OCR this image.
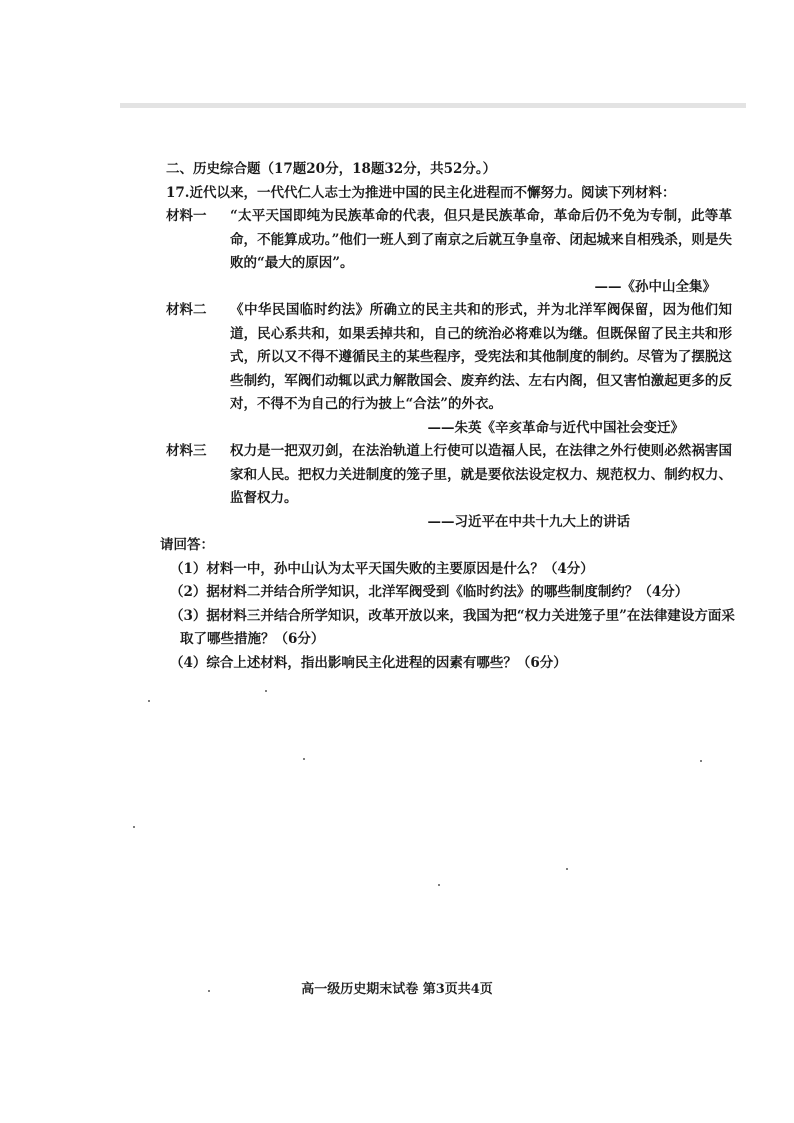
二、历史综合题（17题20分，18题32分，共52分。）
17.近代以来，一代代仁人志士为推进中国的民主化进程而不懈努力。阅读下列材料：
材料一	“太平天国即纯为民族革命的代表，但只是民族革命，革命后仍不免为专制，此等革命，不能算成功。”他们一班人到了南京之后就互争皇帝、闭起城来自相残杀，则是失败的“最大的原因”。
——《孙中山全集》
材料二	《中华民国临时约法》所确立的民主共和的形式，并为北洋军阀保留，因为他们知道，民心系共和，如果丢掉共和，自己的统治必将难以为继。但既保留了民主共和形式，所以又不得不遵循民主的某些程序，受宪法和其他制度的制约。尽管为了摆脱这些制约，军阀们动辄以武力解散国会、废弃约法、左右内阁，但又害怕激起更多的反对，不得不为自己的行为披上“合法”的外衣。
——朱英《辛亥革命与近代中国社会变迁》
材料三	权力是一把双刃剑，在法治轨道上行使可以造福人民，在法律之外行使则必然祸害国家和人民。把权力关进制度的笼子里，就是要依法设定权力、规范权力、制约权力、监督权力。
——习近平在中共十九大上的讲话
请回答：
（1）材料一中，孙中山认为太平天国失败的主要原因是什么？（4分）
（2）据材料二并结合所学知识，北洋军阀受到《临时约法》的哪些制度制约？（4分）
（3）据材料三并结合所学知识，改革开放以来，我国为把“权力关进笼子里”在法律建设方面采
取了哪些措施？（6分）
（4）综合上述材料，指出影响民主化进程的因素有哪些？（6分）
高一级历史期末试卷 第3页共4页
